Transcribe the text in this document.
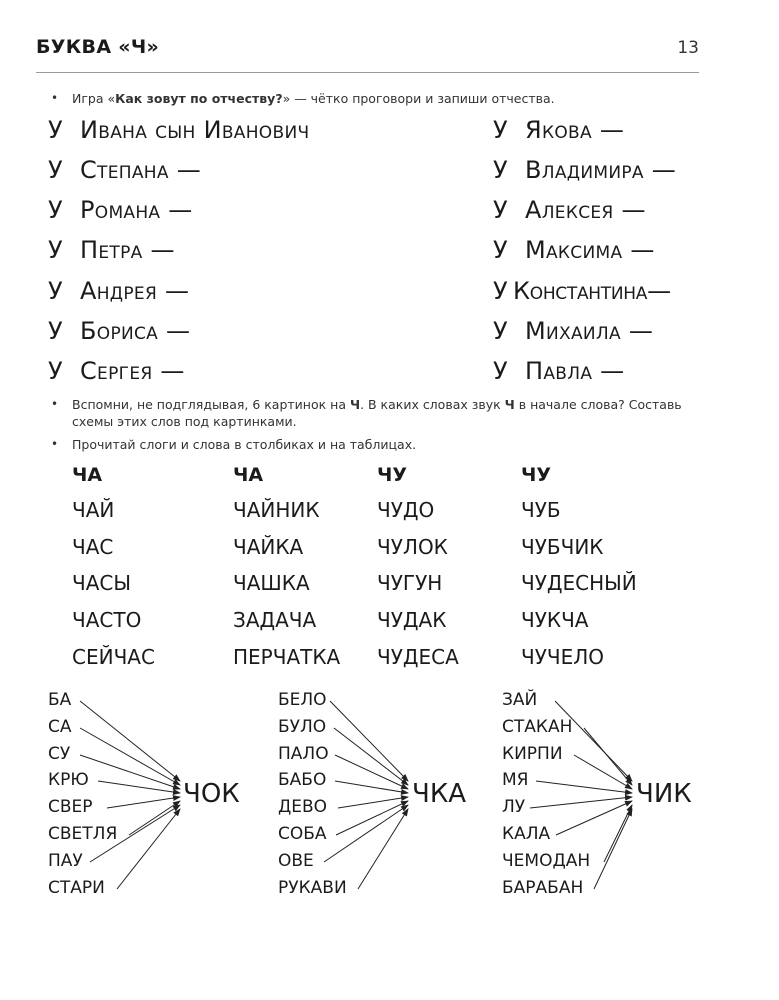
БУКВА «Ч»	13
• Игра «Как зовут по отчеству?» — чётко проговори и запиши отчества.
У Ивана сын Иванович
У Степана —
У Романа —
У Петра —
У Андрея —
У Бориса —
У Сергея —
У Якова —
У Владимира —
У Алексея —
У Максима —
У Константина—
У Михаила —
У Павла —
• Вспомни, не подглядывая, 6 картинок на Ч. В каких словах звук Ч в начале слова? Составь
схемы этих слов под картинками.
• Прочитай слоги и слова в столбиках и на таблицах.
ЧА
ЧАЙ
ЧАС
ЧАСЫ
ЧАСТО
СЕЙЧАС
ЧА
ЧАЙНИК
ЧАЙКА
ЧАШКА
ЗАДАЧА
ПЕРЧАТКА
ЧУ
ЧУДО
ЧУЛОК
ЧУГУН
ЧУДАК
ЧУДЕСА
ЧУ
ЧУБ
ЧУБЧИК
ЧУДЕСНЫЙ
ЧУКЧА
ЧУЧЕЛО
БА
СА
СУ
КРЮ
СВЕР
СВЕТЛЯ
ПАУ
СТАРИ
ЧОК
БЕЛО
БУЛО
ПАЛО
БАБО
ДЕВО
СОБА
ОВЕ
РУКАВИ
ЧКА
ЗАЙ
СТАКАН
КИРПИ
МЯ
ЛУ
КАЛА
ЧЕМОДАН
БАРАБАН
ЧИК
